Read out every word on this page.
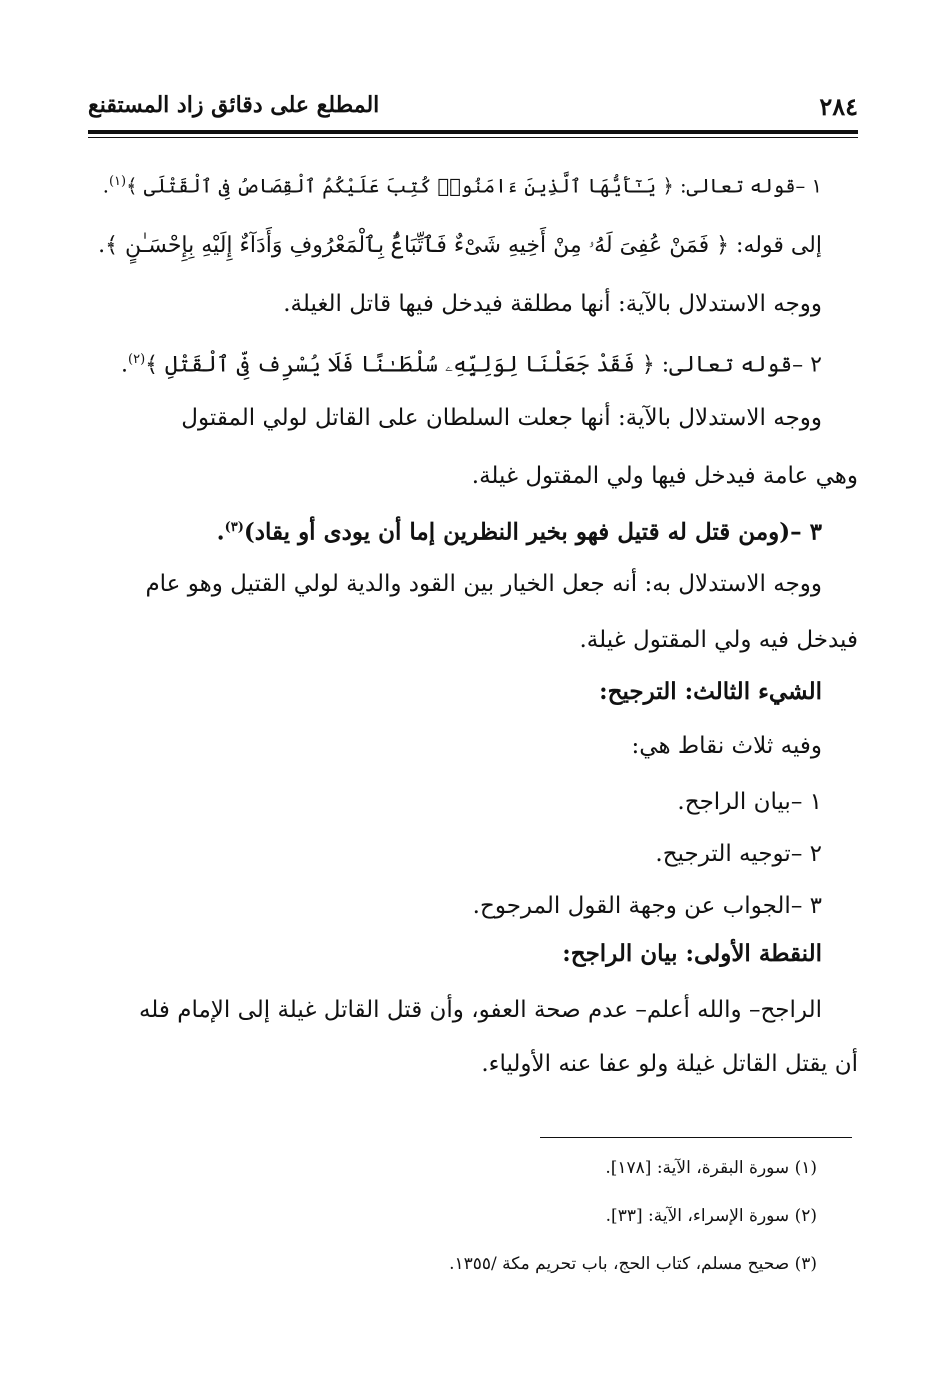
٢٨٤
المطلع على دقائق زاد المستقنع
١ –قوله تعالى: ﴿ يَـٰٓأَيُّهَا ٱلَّذِينَ ءَامَنُوا۟ كُتِبَ عَلَيْكُمُ ٱلْقِصَاصُ فِى ٱلْقَتْلَى ﴾$^{(١)}$.
إلى قوله: ﴿ فَمَنْ عُفِىَ لَهُۥ مِنْ أَخِيهِ شَىْءٌ فَٱتِّبَاعٌۢ بِٱلْمَعْرُوفِ وَأَدَآءٌ إِلَيْهِ بِإِحْسَـٰنٍ ﴾.
ووجه الاستدلال بالآية: أنها مطلقة فيدخل فيها قاتل الغيلة.
٢ –قوله تعالى: ﴿ فَقَدْ جَعَلْنَا لِوَلِيِّهِۦ سُلْطَـٰنًا فَلَا يُسْرِف فِّى ٱلْقَتْلِ ﴾$^{(٢)}$.
ووجه الاستدلال بالآية: أنها جعلت السلطان على القاتل لولي المقتول
وهي عامة فيدخل فيها ولي المقتول غيلة.
٣ –(ومن قتل له قتيل فهو بخير النظرين إما أن يودى أو يقاد)$^{(٣)}$.
ووجه الاستدلال به: أنه جعل الخيار بين القود والدية لولي القتيل وهو عام
فيدخل فيه ولي المقتول غيلة.
الشيء الثالث: الترجيح:
وفيه ثلاث نقاط هي:
١ –بيان الراجح.
٢ –توجيه الترجيح.
٣ –الجواب عن وجهة القول المرجوح.
النقطة الأولى: بيان الراجح:
الراجح– والله أعلم– عدم صحة العفو، وأن قتل القاتل غيلة إلى الإمام فله
أن يقتل القاتل غيلة ولو عفا عنه الأولياء.
(١) سورة البقرة، الآية: [١٧٨].
(٢) سورة الإسراء، الآية: [٣٣].
(٣) صحيح مسلم، كتاب الحج، باب تحريم مكة /١٣٥٥.
